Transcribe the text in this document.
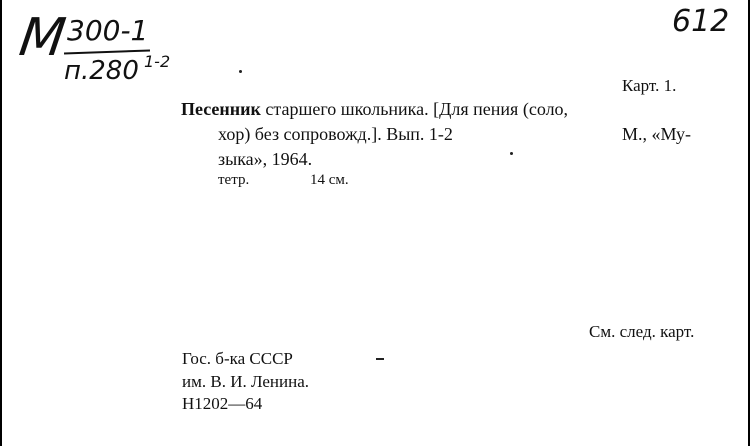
М 300-1
п.280 1-2
612
Карт. 1.
Песенник старшего школьника. [Для пения (соло,
хор) без сопровожд.]. Вып. 1-2	М., «Му-
зыка», 1964.
тетр.	14 см.
См. след. карт.
Гос. б-ка СССР
им. В. И. Ленина.
Н1202—64
